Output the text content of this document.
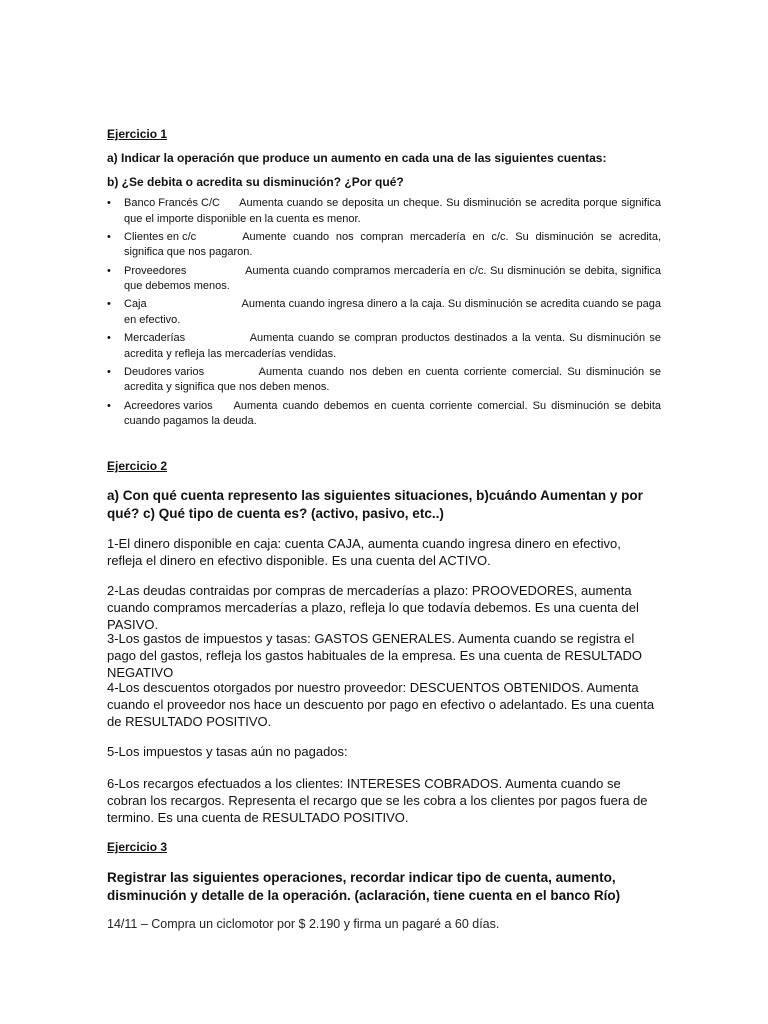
Ejercicio 1
a) Indicar la operación que produce un aumento en cada una de las siguientes cuentas:
b) ¿Se debita o acredita su disminución? ¿Por qué?
• Banco Francés C/C Aumenta cuando se deposita un cheque. Su disminución se acredita porque significa que el importe disponible en la cuenta es menor.
• Clientes en c/c	Aumente cuando nos compran mercadería en c/c. Su disminución se acredita, significa que nos pagaron.
• Proveedores	Aumenta cuando compramos mercadería en c/c. Su disminución se debita, significa que debemos menos.
• Caja	Aumenta cuando ingresa dinero a la caja. Su disminución se acredita cuando se paga en efectivo.
• Mercaderías	Aumenta cuando se compran productos destinados a la venta. Su disminución se acredita y refleja las mercaderías vendidas.
• Deudores varios	Aumenta cuando nos deben en cuenta corriente comercial. Su disminución se acredita y significa que nos deben menos.
• Acreedores varios Aumenta cuando debemos en cuenta corriente comercial. Su disminución se debita cuando pagamos la deuda.
Ejercicio 2
a) Con qué cuenta represento las siguientes situaciones, b)cuándo Aumentan y por qué? c) Qué tipo de cuenta es? (activo, pasivo, etc..)
1-El dinero disponible en caja: cuenta CAJA, aumenta cuando ingresa dinero en efectivo, refleja el dinero en efectivo disponible. Es una cuenta del ACTIVO.
2-Las deudas contraidas por compras de mercaderías a plazo: PROOVEDORES, aumenta cuando compramos mercaderías a plazo, refleja lo que todavía debemos. Es una cuenta del PASIVO.
3-Los gastos de impuestos y tasas: GASTOS GENERALES. Aumenta cuando se registra el pago del gastos, refleja los gastos habituales de la empresa. Es una cuenta de RESULTADO NEGATIVO
4-Los descuentos otorgados por nuestro proveedor: DESCUENTOS OBTENIDOS. Aumenta cuando el proveedor nos hace un descuento por pago en efectivo o adelantado. Es una cuenta de RESULTADO POSITIVO.
5-Los impuestos y tasas aún no pagados:
6-Los recargos efectuados a los clientes: INTERESES COBRADOS. Aumenta cuando se cobran los recargos. Representa el recargo que se les cobra a los clientes por pagos fuera de termino. Es una cuenta de RESULTADO POSITIVO.
Ejercicio 3
Registrar las siguientes operaciones, recordar indicar tipo de cuenta, aumento, disminución y detalle de la operación. (aclaración, tiene cuenta en el banco Río)
14/11 – Compra un ciclomotor por $ 2.190 y firma un pagaré a 60 días.
